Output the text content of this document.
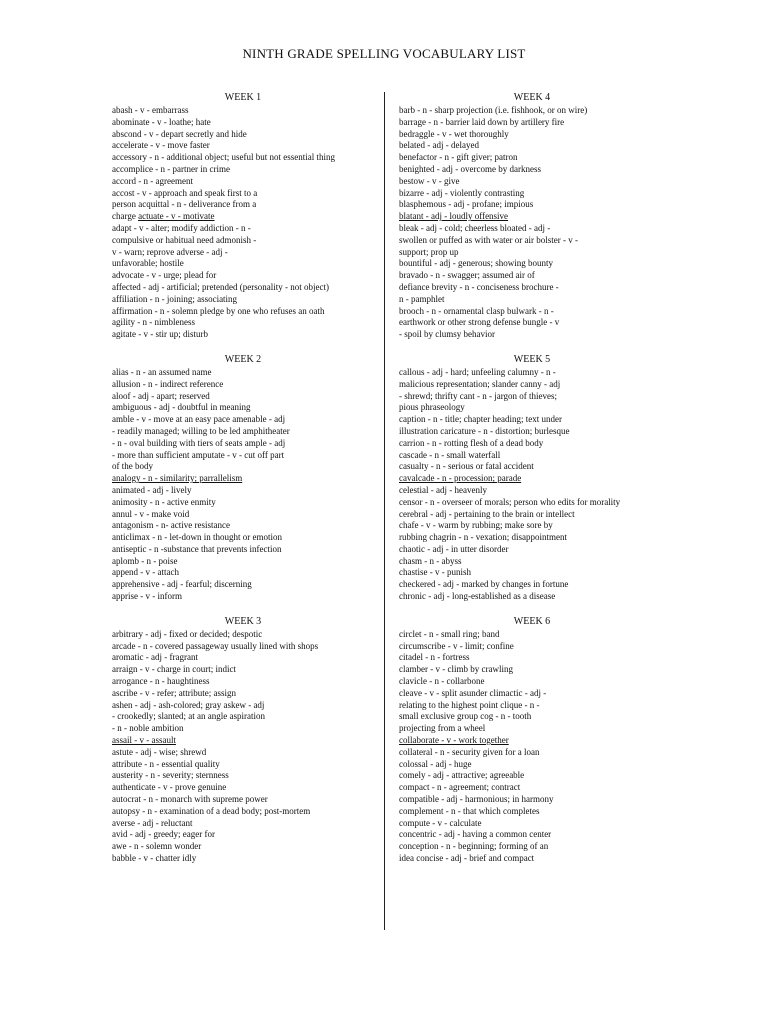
NINTH GRADE SPELLING VOCABULARY LIST
WEEK 1
abash - v - embarrass
abominate - v - loathe; hate
abscond - v - depart secretly and hide
accelerate - v - move faster
accessory - n - additional object; useful but not essential thing
accomplice - n - partner in crime
accord - n - agreement
accost - v - approach and speak first to a
person acquittal - n - deliverance from a
charge actuate - v - motivate
adapt - v - alter; modify addiction - n -
compulsive or habitual need admonish -
v - warn; reprove adverse - adj -
unfavorable; hostile
advocate - v - urge; plead for
affected - adj - artificial; pretended (personality - not object)
affiliation - n - joining; associating
affirmation - n - solemn pledge by one who refuses an oath
agility - n - nimbleness
agitate - v - stir up; disturb
WEEK 2
alias - n - an assumed name
allusion - n - indirect reference
aloof - adj - apart; reserved
ambiguous - adj - doubtful in meaning
amble - v - move at an easy pace amenable - adj
- readily managed; willing to be led amphitheater
- n - oval building with tiers of seats ample - adj
- more than sufficient amputate - v - cut off part
of the body
analogy - n - similarity; parrallelism
animated - adj - lively
animosity - n - active enmity
annul - v - make void
antagonism - n- active resistance
anticlimax - n - let-down in thought or emotion
antiseptic - n -substance that prevents infection
aplomb - n - poise
append - v - attach
apprehensive - adj - fearful; discerning
apprise - v - inform
WEEK 3
arbitrary - adj - fixed or decided; despotic
arcade - n - covered passageway usually lined with shops
aromatic - adj - fragrant
arraign - v - charge in court; indict
arrogance - n - haughtiness
ascribe - v - refer; attribute; assign
ashen - adj - ash-colored; gray askew - adj
- crookedly; slanted; at an angle aspiration
- n - noble ambition
assail - v - assault
astute - adj - wise; shrewd
attribute - n - essential quality
austerity - n - severity; sternness
authenticate - v - prove genuine
autocrat - n - monarch with supreme power
autopsy - n - examination of a dead body; post-mortem
averse - adj - reluctant
avid - adj - greedy; eager for
awe - n - solemn wonder
babble - v - chatter idly
WEEK 4
barb - n - sharp projection (i.e. fishhook, or on wire)
barrage - n - barrier laid down by artillery fire
bedraggle - v - wet thoroughly
belated - adj - delayed
benefactor - n - gift giver; patron
benighted - adj - overcome by darkness
bestow - v - give
bizarre - adj - violently contrasting
blasphemous - adj - profane; impious
blatant - adj - loudly offensive
bleak - adj - cold; cheerless bloated - adj -
swollen or puffed as with water or air bolster - v -
support; prop up
bountiful - adj - generous; showing bounty
bravado - n - swagger; assumed air of
defiance brevity - n - conciseness brochure -
n - pamphlet
brooch - n - ornamental clasp bulwark - n -
earthwork or other strong defense bungle - v
- spoil by clumsy behavior
WEEK 5
callous - adj - hard; unfeeling calumny - n -
malicious representation; slander canny - adj
- shrewd; thrifty cant - n - jargon of thieves;
pious phraseology
caption - n - title; chapter heading; text under
illustration caricature - n - distortion; burlesque
carrion - n - rotting flesh of a dead body
cascade - n - small waterfall
casualty - n - serious or fatal accident
cavalcade - n - procession; parade
celestial - adj - heavenly
censor - n - overseer of morals; person who edits for morality
cerebral - adj - pertaining to the brain or intellect
chafe - v - warm by rubbing; make sore by
rubbing chagrin - n - vexation; disappointment
chaotic - adj - in utter disorder
chasm - n - abyss
chastise - v - punish
checkered - adj - marked by changes in fortune
chronic - adj - long-established as a disease
WEEK 6
circlet - n - small ring; band
circumscribe - v - limit; confine
citadel - n - fortress
clamber - v - climb by crawling
clavicle - n - collarbone
cleave - v - split asunder climactic - adj -
relating to the highest point clique - n -
small exclusive group cog - n - tooth
projecting from a wheel
collaborate - v - work together
collateral - n - security given for a loan
colossal - adj - huge
comely - adj - attractive; agreeable
compact - n - agreement; contract
compatible - adj - harmonious; in harmony
complement - n - that which completes
compute - v - calculate
concentric - adj - having a common center
conception - n - beginning; forming of an
idea concise - adj - brief and compact
